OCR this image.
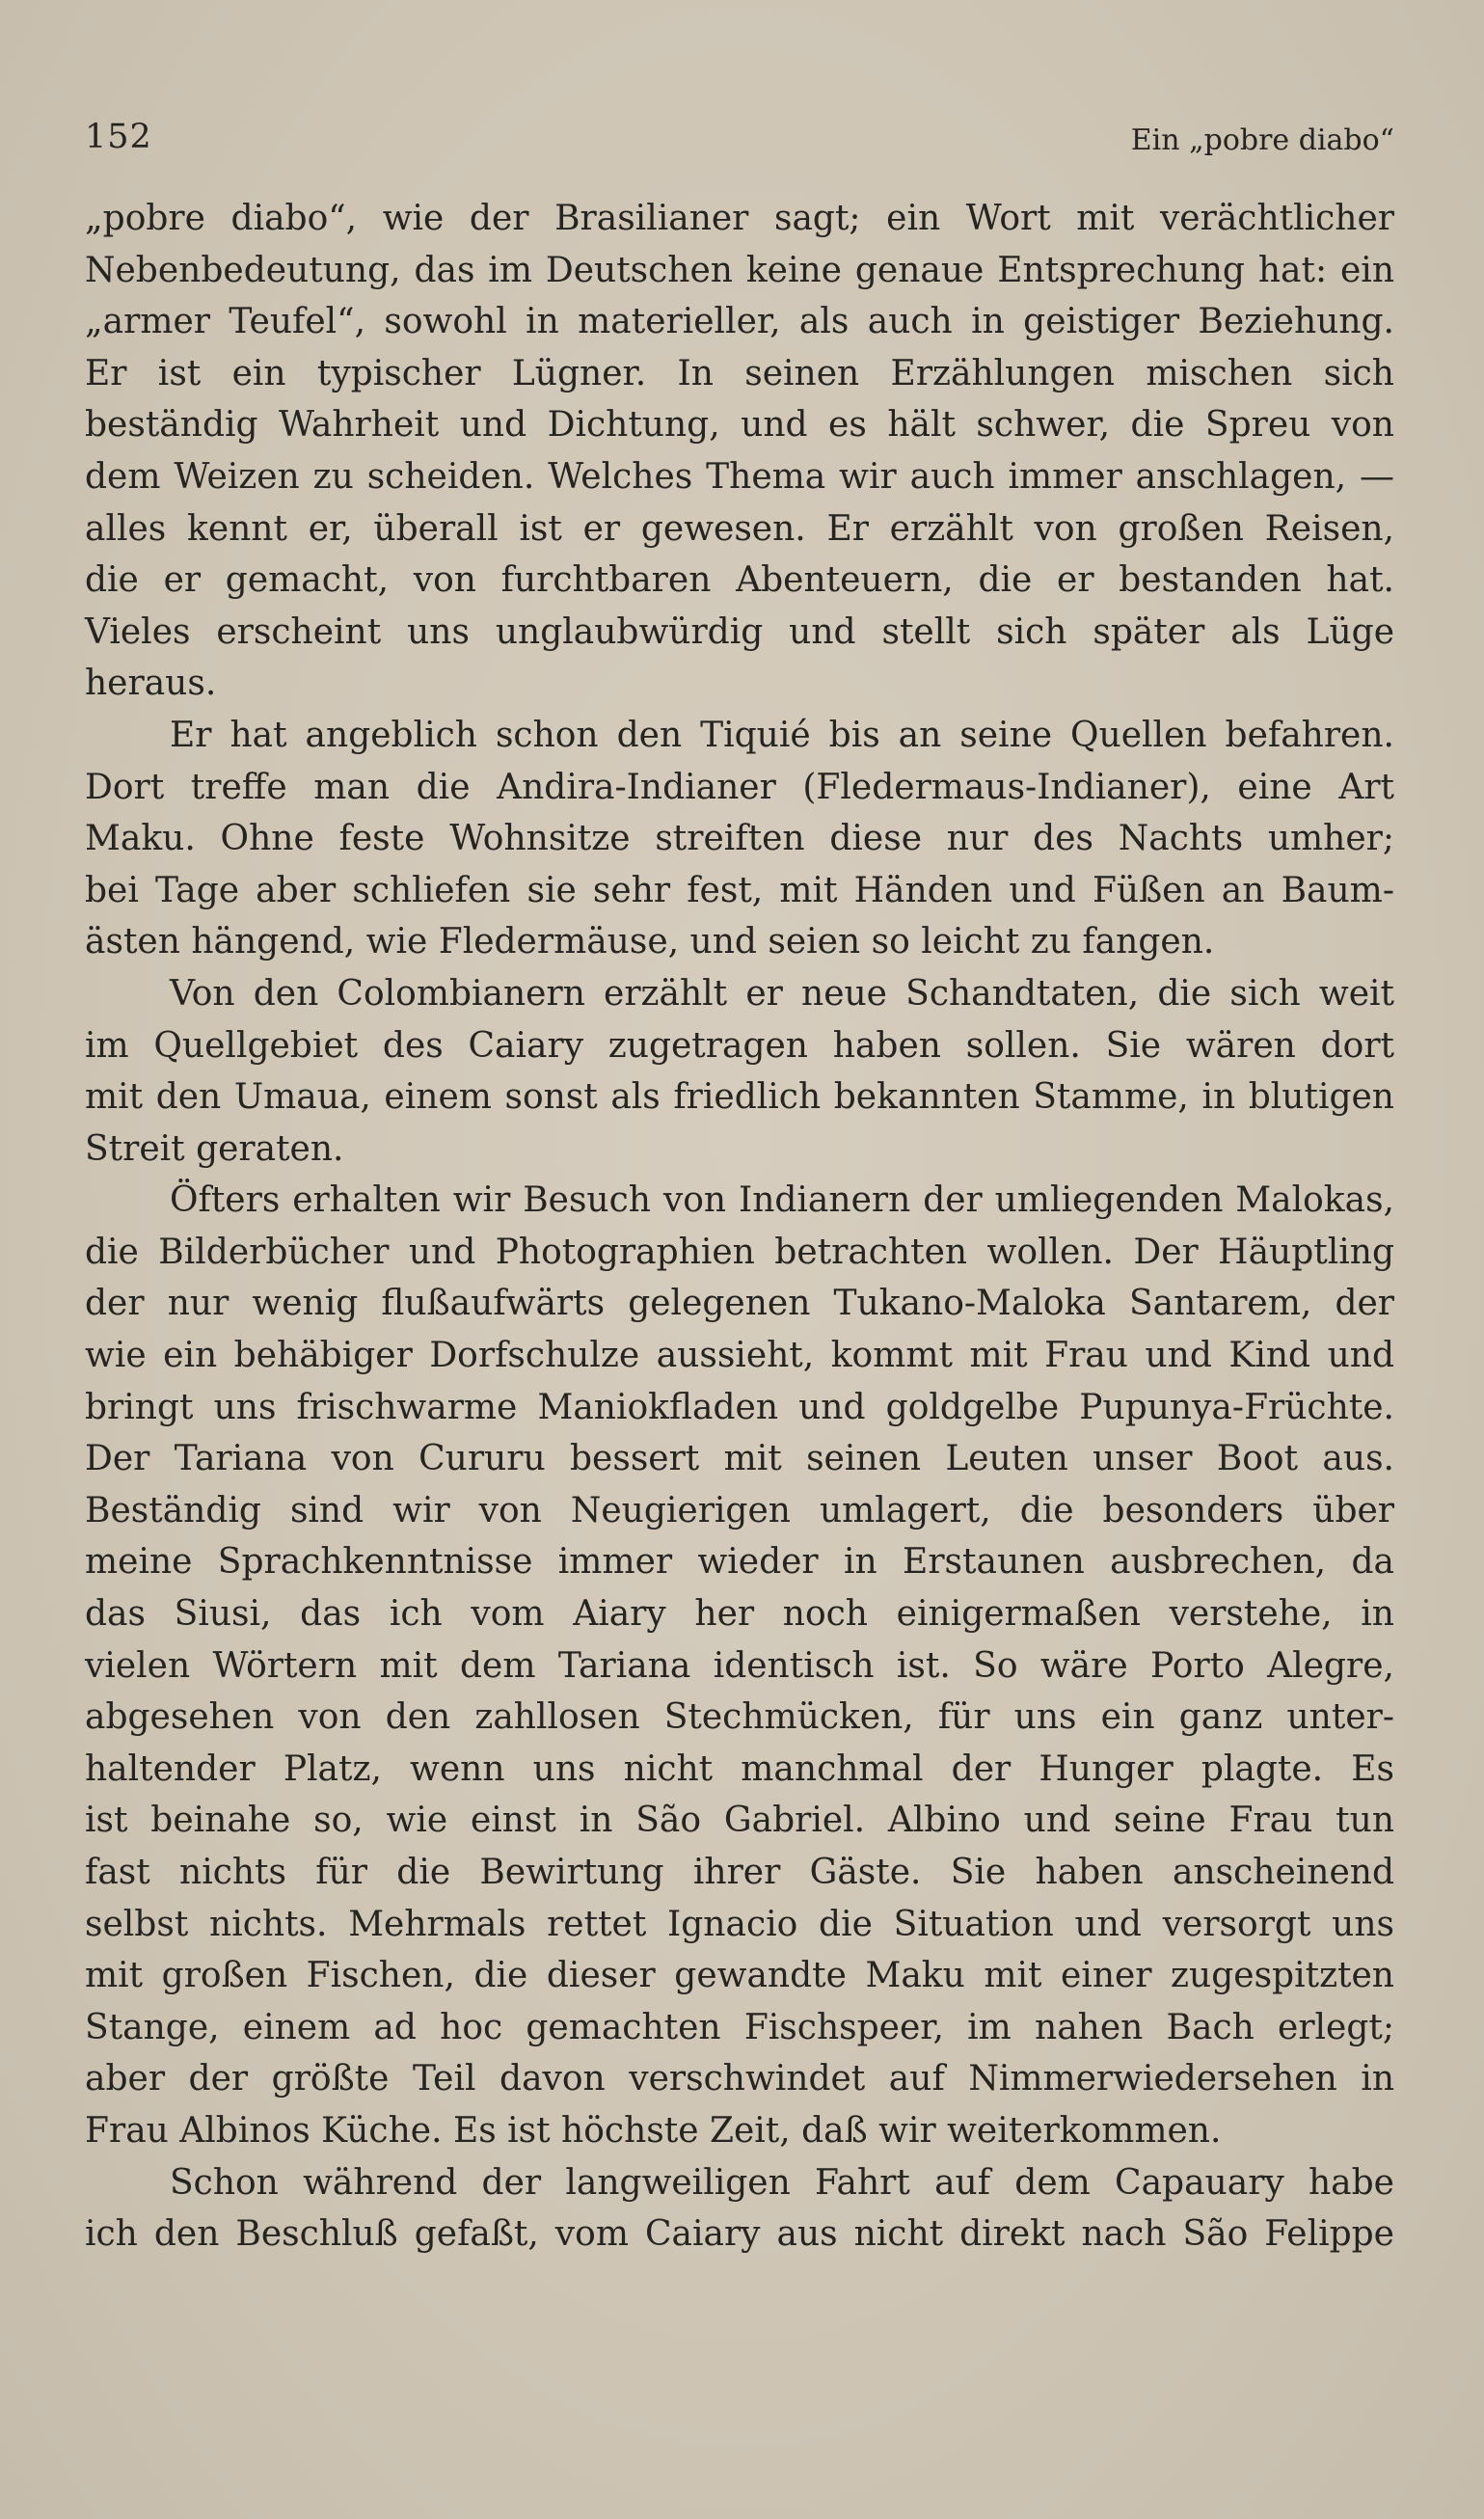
152	Ein „pobre diabo“
„pobre diabo“, wie der Brasilianer sagt; ein Wort mit verächtlicher
Nebenbedeutung, das im Deutschen keine genaue Entsprechung hat: ein
„armer Teufel“, sowohl in materieller, als auch in geistiger Beziehung.
Er ist ein typischer Lügner. In seinen Erzählungen mischen sich
beständig Wahrheit und Dichtung, und es hält schwer, die Spreu von
dem Weizen zu scheiden. Welches Thema wir auch immer anschlagen, —
alles kennt er, überall ist er gewesen. Er erzählt von großen Reisen,
die er gemacht, von furchtbaren Abenteuern, die er bestanden hat.
Vieles erscheint uns unglaubwürdig und stellt sich später als Lüge
heraus.
Er hat angeblich schon den Tiquié bis an seine Quellen befahren.
Dort treffe man die Andira-Indianer (Fledermaus-Indianer), eine Art
Maku. Ohne feste Wohnsitze streiften diese nur des Nachts umher;
bei Tage aber schliefen sie sehr fest, mit Händen und Füßen an Baum-
ästen hängend, wie Fledermäuse, und seien so leicht zu fangen.
Von den Colombianern erzählt er neue Schandtaten, die sich weit
im Quellgebiet des Caiary zugetragen haben sollen. Sie wären dort
mit den Umaua, einem sonst als friedlich bekannten Stamme, in blutigen
Streit geraten.
Öfters erhalten wir Besuch von Indianern der umliegenden Malokas,
die Bilderbücher und Photographien betrachten wollen. Der Häuptling
der nur wenig flußaufwärts gelegenen Tukano-Maloka Santarem, der
wie ein behäbiger Dorfschulze aussieht, kommt mit Frau und Kind und
bringt uns frischwarme Maniokfladen und goldgelbe Pupunya-Früchte.
Der Tariana von Cururu bessert mit seinen Leuten unser Boot aus.
Beständig sind wir von Neugierigen umlagert, die besonders über
meine Sprachkenntnisse immer wieder in Erstaunen ausbrechen, da
das Siusi, das ich vom Aiary her noch einigermaßen verstehe, in
vielen Wörtern mit dem Tariana identisch ist. So wäre Porto Alegre,
abgesehen von den zahllosen Stechmücken, für uns ein ganz unter-
haltender Platz, wenn uns nicht manchmal der Hunger plagte. Es
ist beinahe so, wie einst in São Gabriel. Albino und seine Frau tun
fast nichts für die Bewirtung ihrer Gäste. Sie haben anscheinend
selbst nichts. Mehrmals rettet Ignacio die Situation und versorgt uns
mit großen Fischen, die dieser gewandte Maku mit einer zugespitzten
Stange, einem ad hoc gemachten Fischspeer, im nahen Bach erlegt;
aber der größte Teil davon verschwindet auf Nimmerwiedersehen in
Frau Albinos Küche. Es ist höchste Zeit, daß wir weiterkommen.
Schon während der langweiligen Fahrt auf dem Capauary habe
ich den Beschluß gefaßt, vom Caiary aus nicht direkt nach São Felippe
